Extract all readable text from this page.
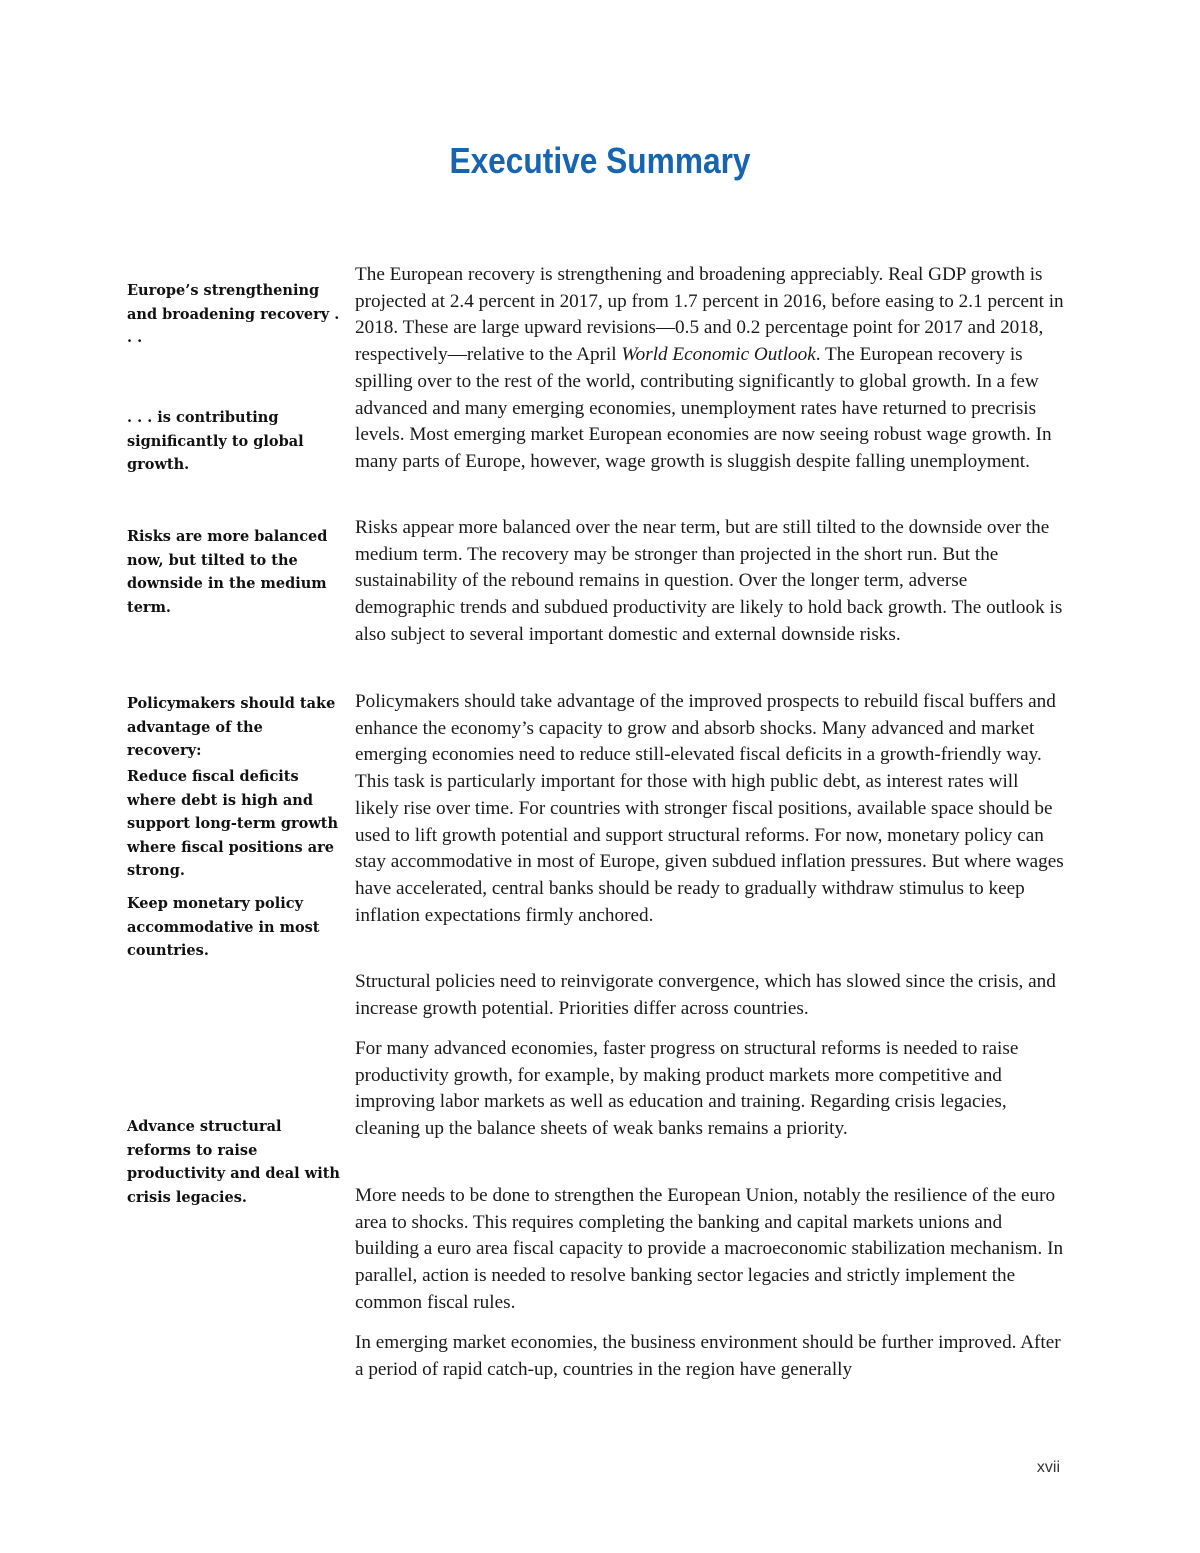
Executive Summary
Europe’s strengthening and broadening recovery . . .
. . . is contributing significantly to global growth.
Risks are more balanced now, but tilted to the downside in the medium term.
Policymakers should take advantage of the recovery:
Reduce fiscal deficits where debt is high and support long-term growth where fiscal positions are strong.
Keep monetary policy accommodative in most countries.
Advance structural reforms to raise productivity and deal with crisis legacies.

The European recovery is strengthening and broadening appreciably. Real GDP growth is projected at 2.4 percent in 2017, up from 1.7 percent in 2016, before easing to 2.1 percent in 2018. These are large upward revisions—0.5 and 0.2 percentage point for 2017 and 2018, respectively—relative to the April World Economic Outlook. The European recovery is spilling over to the rest of the world, contributing significantly to global growth. In a few advanced and many emerging economies, unemployment rates have returned to precrisis levels. Most emerging market European economies are now seeing robust wage growth. In many parts of Europe, however, wage growth is sluggish despite falling unemployment.

Risks appear more balanced over the near term, but are still tilted to the downside over the medium term. The recovery may be stronger than projected in the short run. But the sustainability of the rebound remains in question. Over the longer term, adverse demographic trends and subdued productivity are likely to hold back growth. The outlook is also subject to several important domestic and external downside risks.

Policymakers should take advantage of the improved prospects to rebuild fiscal buffers and enhance the economy’s capacity to grow and absorb shocks. Many advanced and market emerging economies need to reduce still-elevated fiscal deficits in a growth-friendly way. This task is particularly important for those with high public debt, as interest rates will likely rise over time. For countries with stronger fiscal positions, available space should be used to lift growth potential and support structural reforms. For now, monetary policy can stay accommodative in most of Europe, given subdued inflation pressures. But where wages have accelerated, central banks should be ready to gradually withdraw stimulus to keep inflation expectations firmly anchored.

Structural policies need to reinvigorate convergence, which has slowed since the crisis, and increase growth potential. Priorities differ across countries.

For many advanced economies, faster progress on structural reforms is needed to raise productivity growth, for example, by making product markets more competitive and improving labor markets as well as education and training. Regarding crisis legacies, cleaning up the balance sheets of weak banks remains a priority.

More needs to be done to strengthen the European Union, notably the resilience of the euro area to shocks. This requires completing the banking and capital markets unions and building a euro area fiscal capacity to provide a macroeconomic stabilization mechanism. In parallel, action is needed to resolve banking sector legacies and strictly implement the common fiscal rules.

In emerging market economies, the business environment should be further improved. After a period of rapid catch-up, countries in the region have generally

xvii
